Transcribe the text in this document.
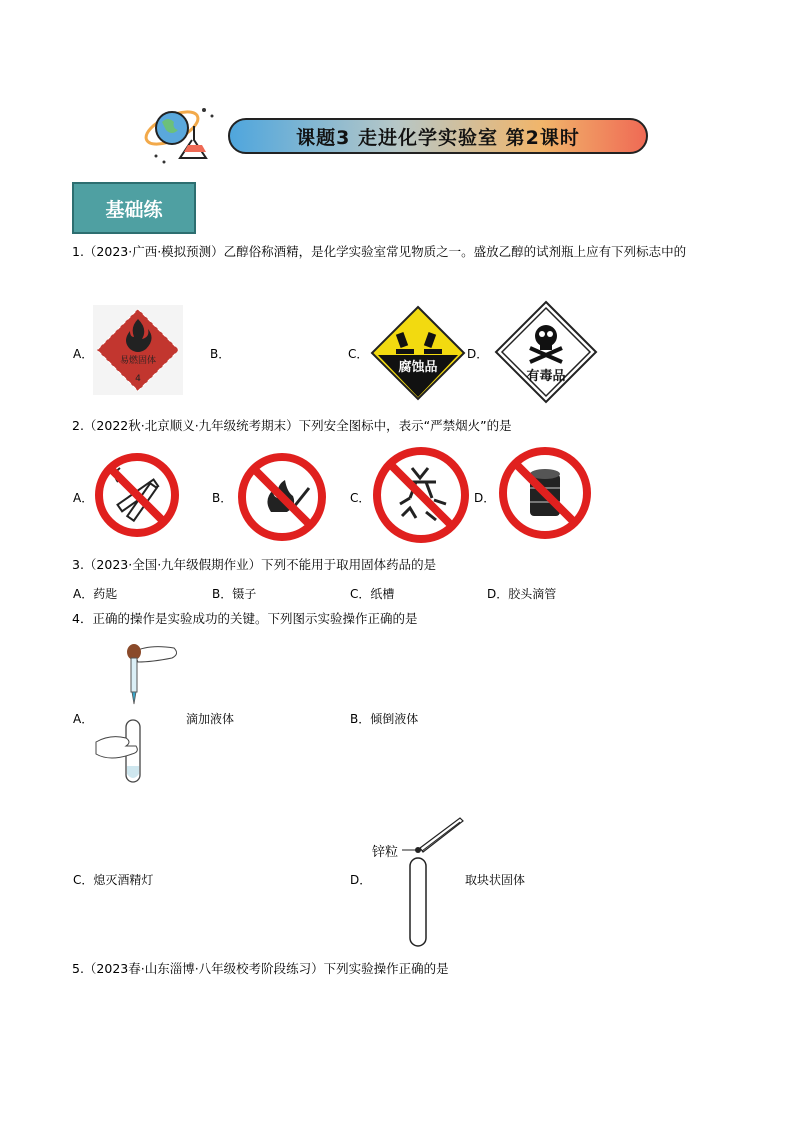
课题3 走进化学实验室 第2课时
基础练
1.（2023·广西·模拟预测）乙醇俗称酒精，是化学实验室常见物质之一。盛放乙醇的试剂瓶上应有下列标志中的
A．	易燃固体
4
B．	C．
腐蚀品
D．
有毒品
2.（2022秋·北京顺义·九年级统考期末）下列安全图标中，表示“严禁烟火”的是
A．	B．	C．	D．
3.（2023·全国·九年级假期作业）下列不能用于取用固体药品的是
A．药匙	B．镊子	C．纸槽	D．胶头滴管
4．正确的操作是实验成功的关键。下列图示实验操作正确的是
A．	滴加液体	B．倾倒液体
C．熄灭酒精灯	D．
锌粒
取块状固体
5.（2023春·山东淄博·八年级校考阶段练习）下列实验操作正确的是
